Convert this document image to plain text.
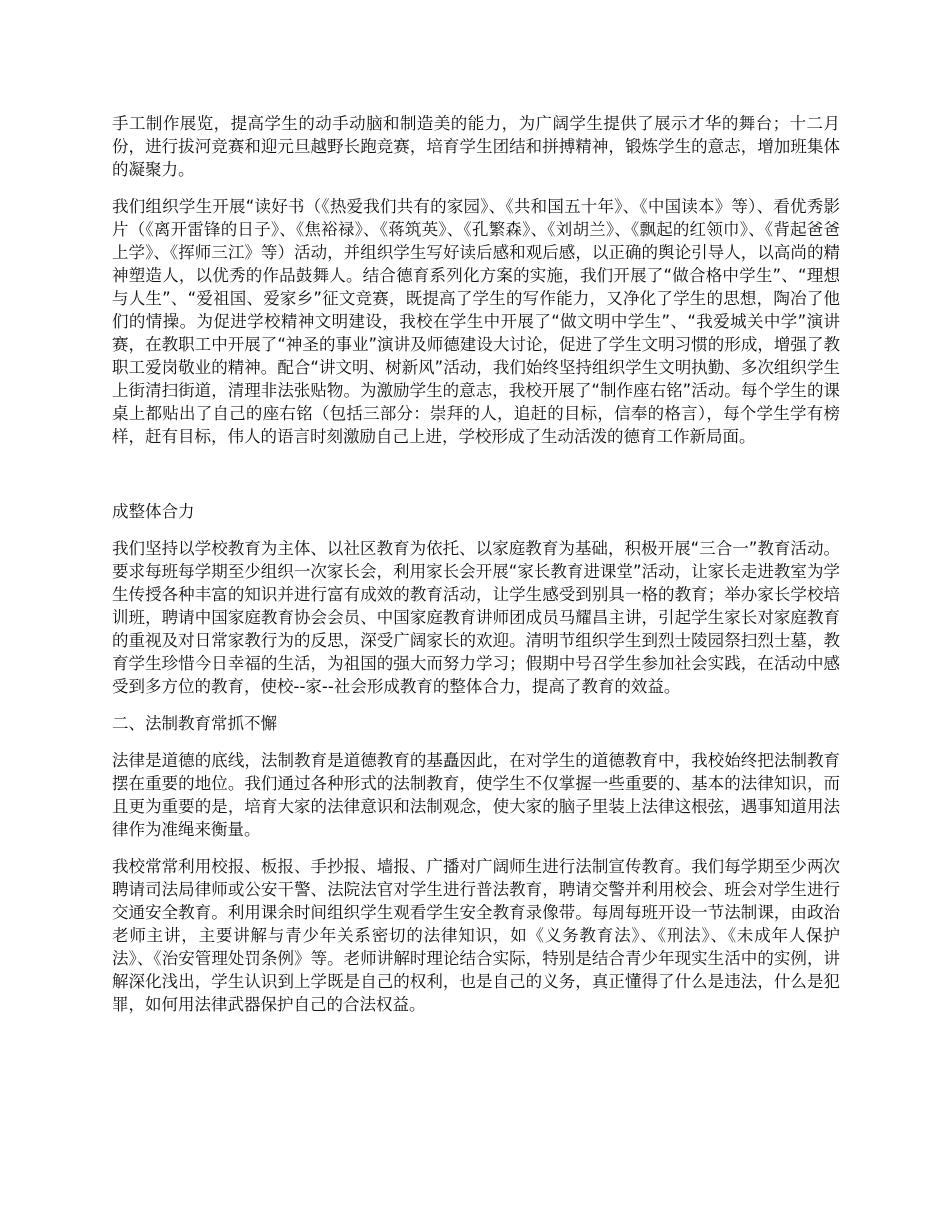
手工制作展览，提高学生的动手动脑和制造美的能力，为广阔学生提供了展示才华的舞台；十二月份，进行拔河竞赛和迎元旦越野长跑竞赛，培育学生团结和拼搏精神，锻炼学生的意志，增加班集体的凝聚力。

我们组织学生开展“读好书（《热爱我们共有的家园》、《共和国五十年》、《中国读本》等）、看优秀影片（《离开雷锋的日子》、《焦裕禄》、《蒋筑英》、《孔繁森》、《刘胡兰》、《飘起的红领巾》、《背起爸爸上学》、《挥师三江》等）活动，并组织学生写好读后感和观后感，以正确的舆论引导人，以高尚的精神塑造人，以优秀的作品鼓舞人。结合德育系列化方案的实施，我们开展了“做合格中学生”、“理想与人生”、“爱祖国、爱家乡”征文竞赛，既提高了学生的写作能力，又净化了学生的思想，陶冶了他们的情操。为促进学校精神文明建设，我校在学生中开展了“做文明中学生”、“我爱城关中学”演讲赛，在教职工中开展了“神圣的事业”演讲及师德建设大讨论，促进了学生文明习惯的形成，增强了教职工爱岗敬业的精神。配合“讲文明、树新风”活动，我们始终坚持组织学生文明执勤、多次组织学生上街清扫街道，清理非法张贴物。为激励学生的意志，我校开展了“制作座右铭”活动。每个学生的课桌上都贴出了自己的座右铭（包括三部分：崇拜的人，追赶的目标，信奉的格言），每个学生学有榜样，赶有目标，伟人的语言时刻激励自己上进，学校形成了生动活泼的德育工作新局面。

成整体合力

我们坚持以学校教育为主体、以社区教育为依托、以家庭教育为基础，积极开展“三合一”教育活动。要求每班每学期至少组织一次家长会，利用家长会开展“家长教育进课堂”活动，让家长走进教室为学生传授各种丰富的知识并进行富有成效的教育活动，让学生感受到别具一格的教育；举办家长学校培训班，聘请中国家庭教育协会会员、中国家庭教育讲师团成员马耀昌主讲，引起学生家长对家庭教育的重视及对日常家教行为的反思，深受广阔家长的欢迎。清明节组织学生到烈士陵园祭扫烈士墓，教育学生珍惜今日幸福的生活，为祖国的强大而努力学习；假期中号召学生参加社会实践，在活动中感受到多方位的教育，使校--家--社会形成教育的整体合力，提高了教育的效益。

二、法制教育常抓不懈

法律是道德的底线，法制教育是道德教育的基矗因此，在对学生的道德教育中，我校始终把法制教育摆在重要的地位。我们通过各种形式的法制教育，使学生不仅掌握一些重要的、基本的法律知识，而且更为重要的是，培育大家的法律意识和法制观念，使大家的脑子里装上法律这根弦，遇事知道用法律作为准绳来衡量。

我校常常利用校报、板报、手抄报、墙报、广播对广阔师生进行法制宣传教育。我们每学期至少两次聘请司法局律师或公安干警、法院法官对学生进行普法教育，聘请交警并利用校会、班会对学生进行交通安全教育。利用课余时间组织学生观看学生安全教育录像带。每周每班开设一节法制课，由政治老师主讲，主要讲解与青少年关系密切的法律知识，如《义务教育法》、《刑法》、《未成年人保护法》、《治安管理处罚条例》等。老师讲解时理论结合实际，特别是结合青少年现实生活中的实例，讲解深化浅出，学生认识到上学既是自己的权利，也是自己的义务，真正懂得了什么是违法，什么是犯罪，如何用法律武器保护自己的合法权益。
